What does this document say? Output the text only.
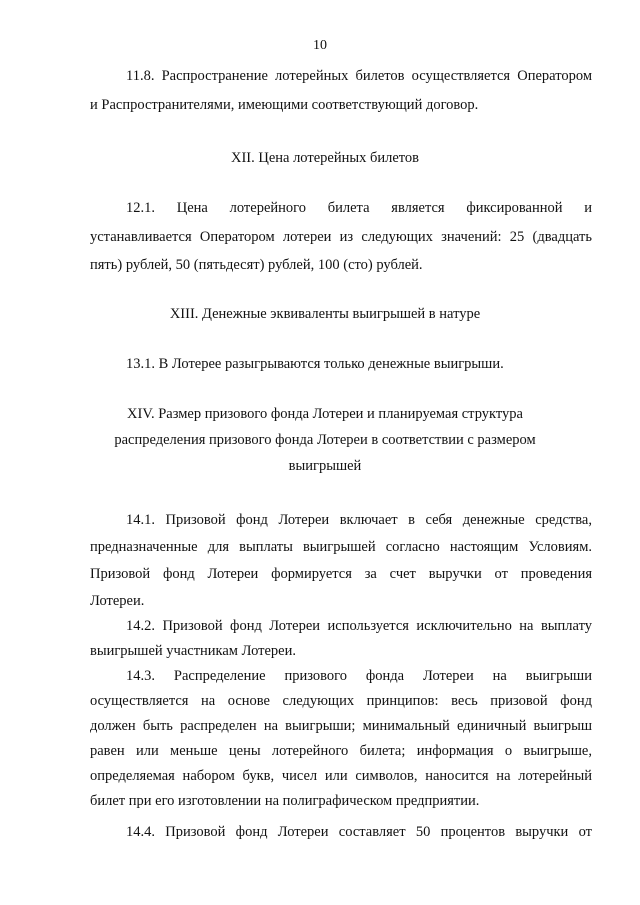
10
11.8. Распространение лотерейных билетов осуществляется Оператором
и Распространителями, имеющими соответствующий договор.
XII. Цена лотерейных билетов
12.1. Цена лотерейного билета является фиксированной и
устанавливается Оператором лотереи из следующих значений: 25 (двадцать
пять) рублей, 50 (пятьдесят) рублей, 100 (сто) рублей.
XIII. Денежные эквиваленты выигрышей в натуре
13.1. В Лотерее разыгрываются только денежные выигрыши.
XIV. Размер призового фонда Лотереи и планируемая структура
распределения призового фонда Лотереи в соответствии с размером
выигрышей
14.1. Призовой фонд Лотереи включает в себя денежные средства,
предназначенные для выплаты выигрышей согласно настоящим Условиям.
Призовой фонд Лотереи формируется за счет выручки от проведения
Лотереи.
14.2. Призовой фонд Лотереи используется исключительно на выплату
выигрышей участникам Лотереи.
14.3. Распределение призового фонда Лотереи на выигрыши
осуществляется на основе следующих принципов: весь призовой фонд
должен быть распределен на выигрыши; минимальный единичный выигрыш
равен или меньше цены лотерейного билета; информация о выигрыше,
определяемая набором букв, чисел или символов, наносится на лотерейный
билет при его изготовлении на полиграфическом предприятии.
14.4. Призовой фонд Лотереи составляет 50 процентов выручки от
